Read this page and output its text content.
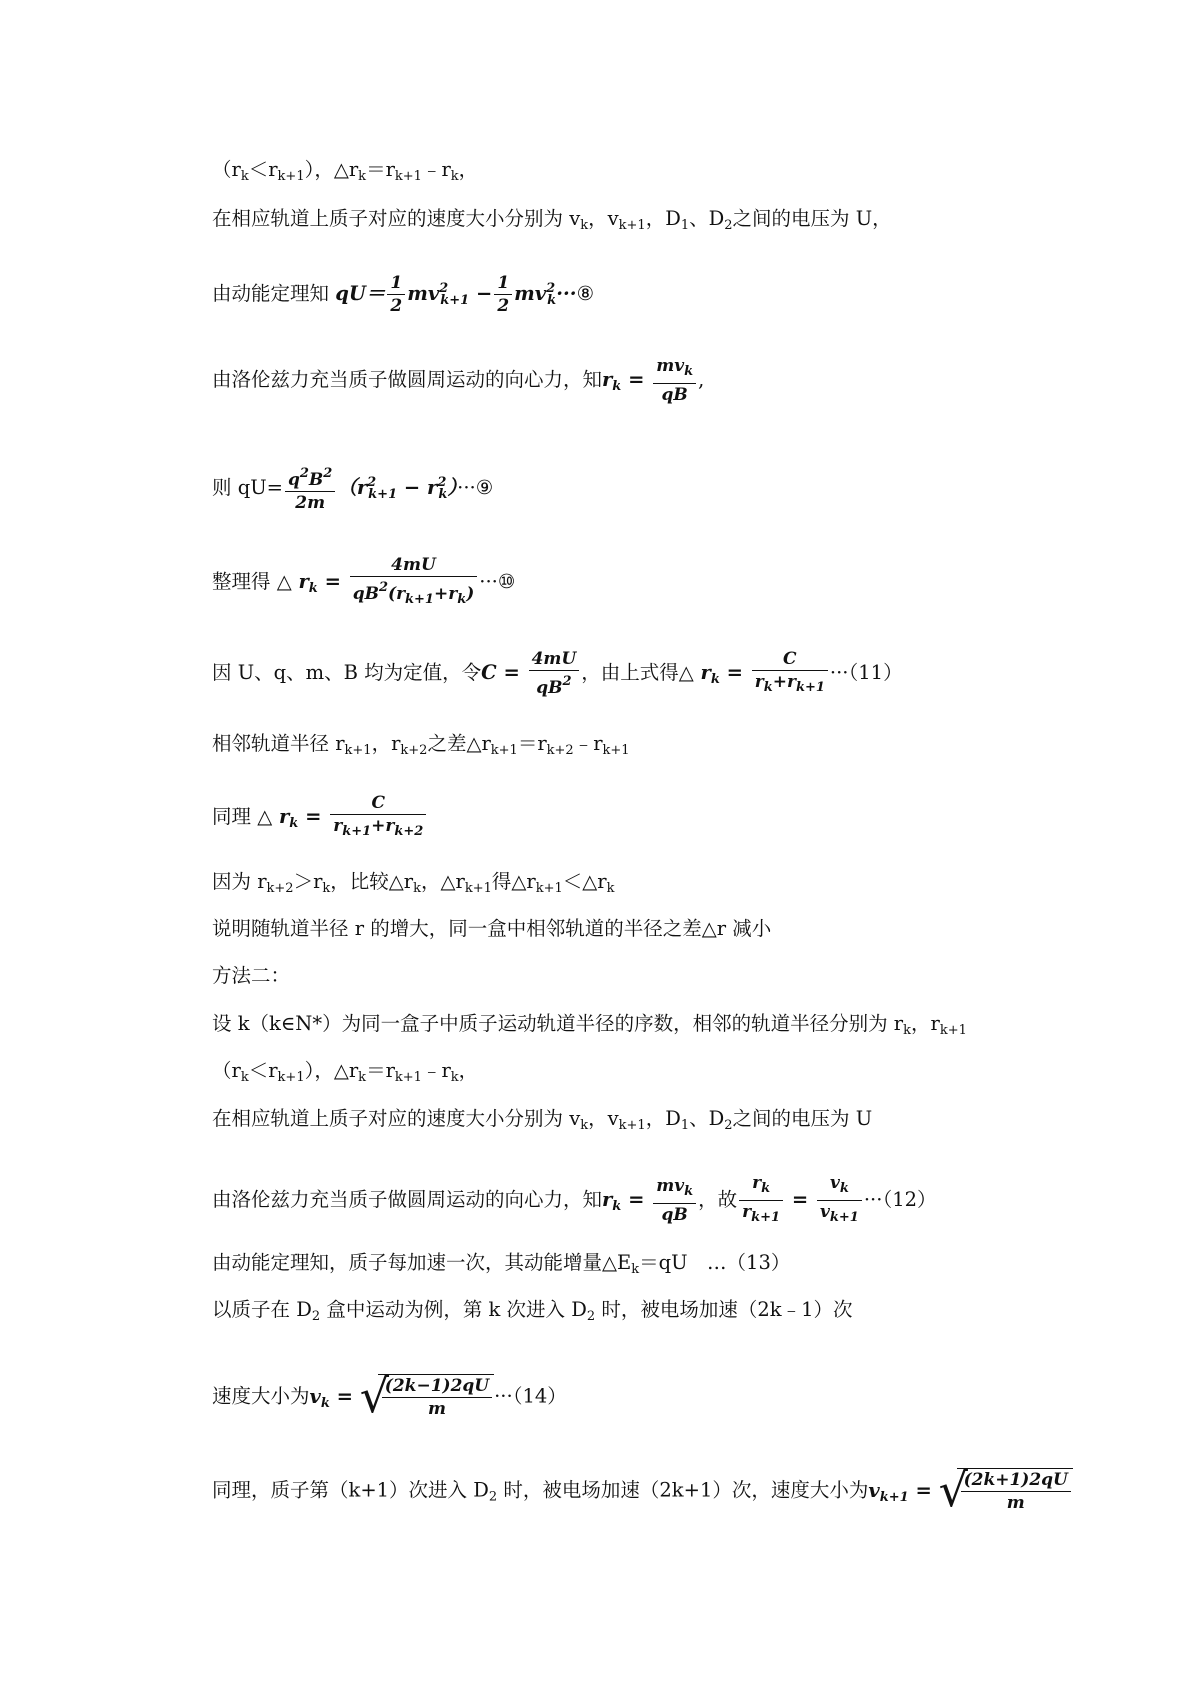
$(r_k<r_{k+1})$，$\triangle r_k=r_{k+1}﹣r_k$，
在相应轨道上质子对应的速度大小分别为 $v_k$，$v_{k+1}$，$D_1$、$D_2$之间的电压为 U，
由动能定理知 $qU= \frac{1}{2} mv^2_{k+1} - \frac{1}{2}$ $mv^2_k\cdot\cdot\cdot ⑧$
由洛伦兹力充当质子做圆周运动的向心力，知$r_k = \frac{mv_k}{qB}$ ,
则 $qU= \frac{q^2B^2}{2m} (r^2_{k+1}$ − $r^2_k)\cdot\cdot\cdot ⑨$
整理得 △ $r_k = \frac{4mU}{qB^2(r_{k+1}+r_k)}$ ···⑩
因 U、q、m、B 均为定值，令$C = \frac{4mU}{qB^2}$ ，由上式得△ $r_k = \frac{C}{r_k+r_{k+1}} \cdot\cdot\cdot(11)$
相邻轨道半径 $r_{k+1}$，$r_{k+2}$之差$\triangle r_{k+1}=r_{k+2}﹣r_{k+1}$
同理 △ $r_k = \frac{C}{r_{k+1}+r_{k+2}}$
因为 $r_{k+2}>r_k$，比较$\triangle r_k$，$\triangle r_{k+1}$得$\triangle r_{k+1}<\triangle r_k$
说明随轨道半径 r 的增大，同一盒中相邻轨道的半径之差△r 减小
方法二：
设 k（k∈N*）为同一盒子中质子运动轨道半径的序数，相邻的轨道半径分别为 $r_k$，$r_{k+1}$
$(r_k<r_{k+1})$，$\triangle r_k=r_{k+1}﹣r_k$，
在相应轨道上质子对应的速度大小分别为 $v_k$，$v_{k+1}$，$D_1$、$D_2$之间的电压为 U
由洛伦兹力充当质子做圆周运动的向心力，知$r_k = \frac{mv_k}{qB}$ ，故 $\frac{r_k}{r_{k+1}} = \frac{v_k}{v_{k+1}} \cdot\cdot\cdot(12)$
由动能定理知，质子每加速一次，其动能增量$\triangle E_k=qU$　…（13）
以质子在 $D_2$ 盒中运动为例，第 k 次进入 $D_2$ 时，被电场加速（2k﹣1）次
速度大小为$v_k$ = √
$\frac{(2k-1)2qU}{m} \cdot\cdot\cdot(14)$
同理，质子第（k+1）次进入 $D_2$ 时，被电场加速（2k+1）次，速度大小为$v_{k+1}$ = √
$\frac{(2k+1)2qU}{m}$
